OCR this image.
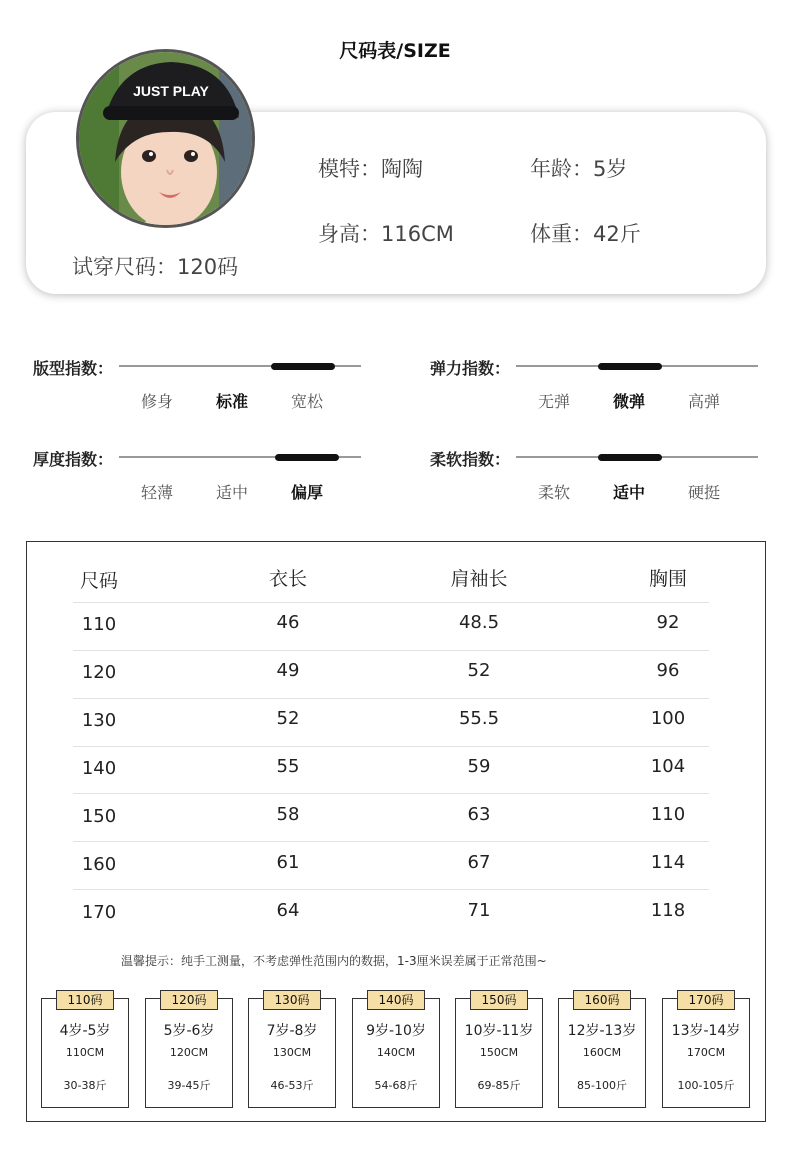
尺码表/SIZE
JUST PLAY
模特：陶陶	年龄：5岁
身高：116CM	体重：42斤
试穿尺码：120码
版型指数：
修身	标准	宽松
弹力指数：
无弹	微弹	高弹
厚度指数：
轻薄	适中	偏厚
柔软指数：
柔软	适中	硬挺
尺码	衣长	肩袖长	胸围
110	46	48.5	92
120	49	52	96
130	52	55.5	100
140	55	59	104
150	58	63	110
160	61	67	114
170	64	71	118
温馨提示：纯手工测量，不考虑弹性范围内的数据，1-3厘米误差属于正常范围~
110码
4岁-5岁
110CM
30-38斤
120码
5岁-6岁
120CM
39-45斤
130码
7岁-8岁
130CM
46-53斤
140码
9岁-10岁
140CM
54-68斤
150码
10岁-11岁
150CM
69-85斤
160码
12岁-13岁
160CM
85-100斤
170码
13岁-14岁
170CM
100-105斤
